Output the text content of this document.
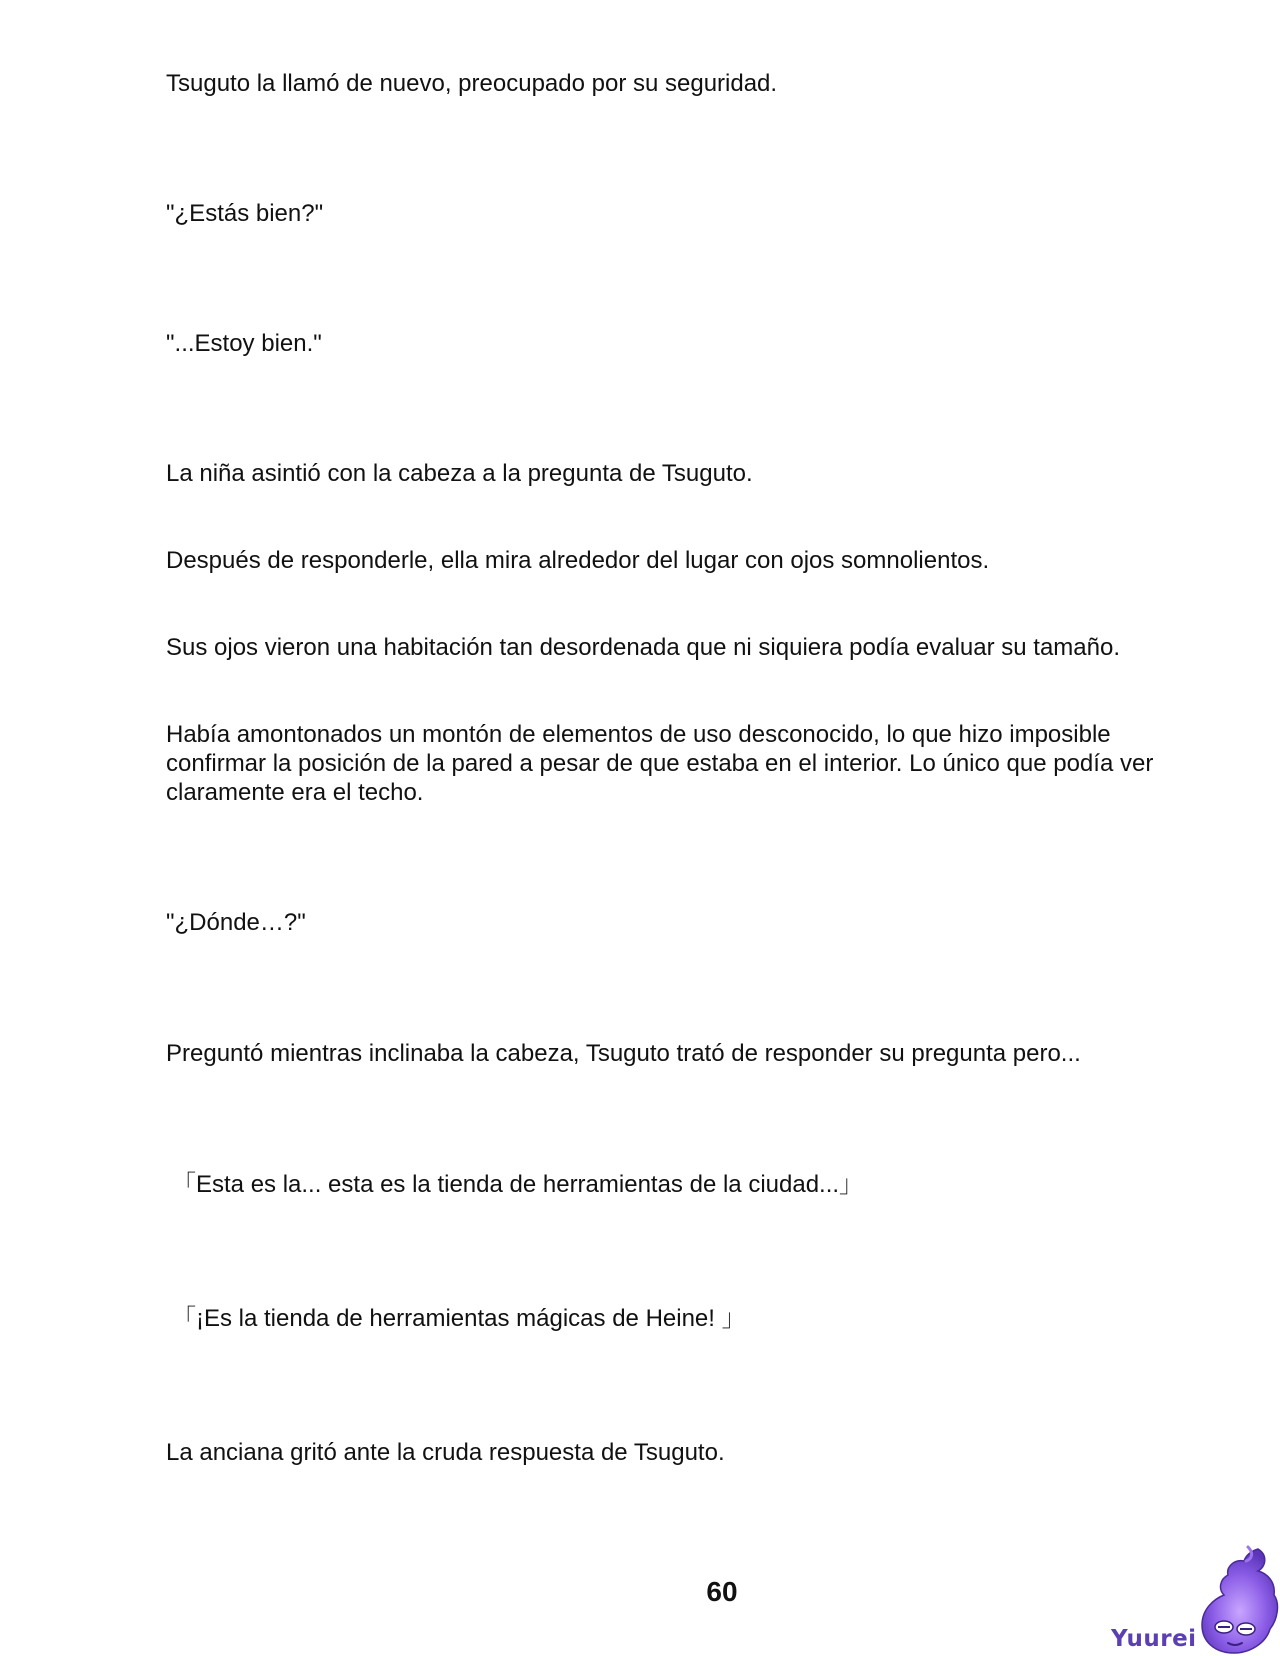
Tsuguto la llamó de nuevo, preocupado por su seguridad.

"¿Estás bien?"

"...Estoy bien."

La niña asintió con la cabeza a la pregunta de Tsuguto.

Después de responderle, ella mira alrededor del lugar con ojos somnolientos.

Sus ojos vieron una habitación tan desordenada que ni siquiera podía evaluar su tamaño.

Había amontonados un montón de elementos de uso desconocido, lo que hizo imposible confirmar la posición de la pared a pesar de que estaba en el interior. Lo único que podía ver claramente era el techo.

"¿Dónde…?"

Preguntó mientras inclinaba la cabeza, Tsuguto trató de responder su pregunta pero...

「Esta es la... esta es la tienda de herramientas de la ciudad...」

「¡Es la tienda de herramientas mágicas de Heine! 」

La anciana gritó ante la cruda respuesta de Tsuguto.

60
Yuurei
